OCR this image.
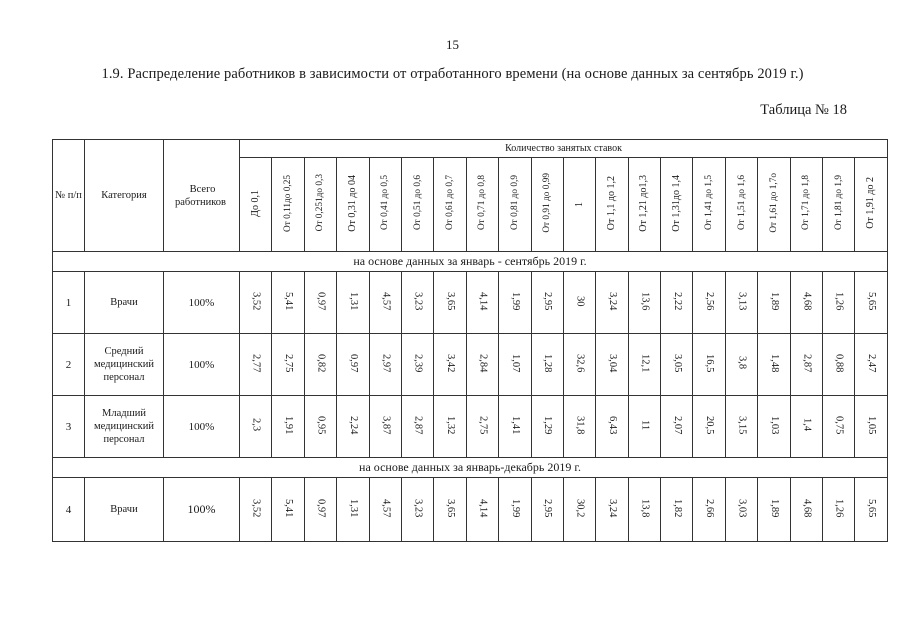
15
1.9. Распределение работников в зависимости от отработанного времени (на основе данных за сентябрь 2019 г.)
Таблица № 18
№ п/п	Категория	Всего работников	Количество занятых ставок																			
			До 0,1	От 0,11до 0,25	От 0,251до 0,3	От 0,31 до 04	От 0,41 до 0,5	От 0,51 до 0,6	От 0,61 до 0,7	От 0,71 до 0,8	От 0,81 до 0,9	От 0,91 до 0,99	1	От 1,1 до 1,2	От 1,21 до1,3	От 1,31до 1,4	От 1,41 до 1,5	От 1,51 до 1,6	От 1,61 до 1,7о	От 1,71 до 1,8	От 1,81 до 1,9	От 1,91 до 2
на основе данных за январь - сентябрь 2019 г.																						
1	Врачи	100%	3,52	5,41	0,97	1,31	4,57	3,23	3,65	4,14	1,99	2,95	30	3,24	13,6	2,22	2,56	3,13	1,89	4,68	1,26	5,65
2	Средний медицинский персонал	100%	2,77	2,75	0,82	0,97	2,97	2,39	3,42	2,84	1,07	1,28	32,6	3,04	12,1	3,05	16,5	3,8	1,48	2,87	0,88	2,47
3	Младший медицинский персонал	100%	2,3	1,91	0,95	2,24	3,87	2,87	1,32	2,75	1,41	1,29	31,8	6,43	11	2,07	20,5	3,15	1,03	1,4	0,75	1,05
на основе данных за январь-декабрь 2019 г.																						
4	Врачи	100%	3,52	5,41	0,97	1,31	4,57	3,23	3,65	4,14	1,99	2,95	30,2	3,24	13,8	1,82	2,66	3,03	1,89	4,68	1,26	5,65
